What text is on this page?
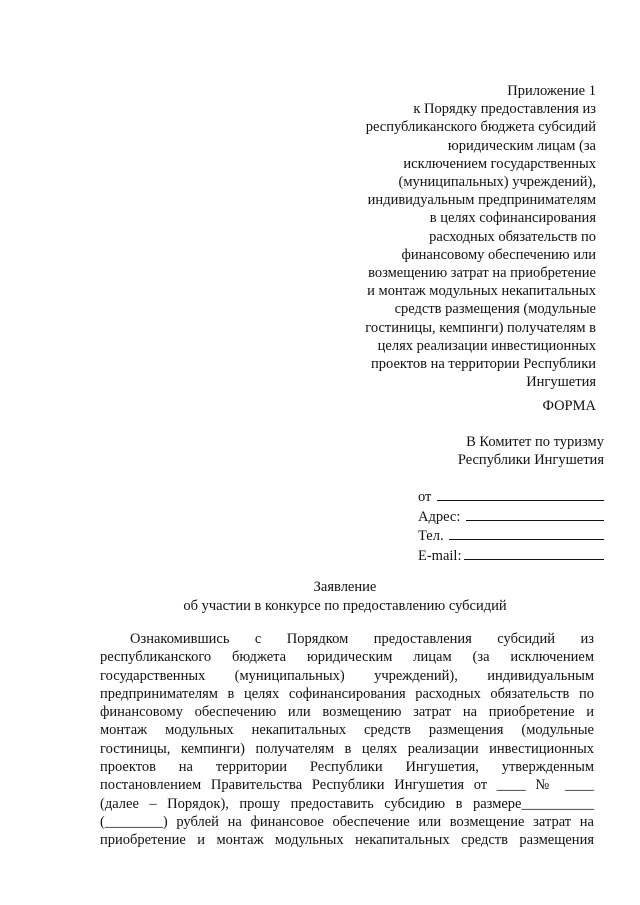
Приложение 1
к Порядку предоставления из
республиканского бюджета субсидий
юридическим лицам (за
исключением государственных
(муниципальных) учреждений),
индивидуальным предпринимателям
в целях софинансирования
расходных обязательств по
финансовому обеспечению или
возмещению затрат на приобретение
и монтаж модульных некапитальных
средств размещения (модульные
гостиницы, кемпинги) получателям в
целях реализации инвестиционных
проектов на территории Республики
Ингушетия
ФОРМА
В Комитет по туризму
Республики Ингушетия
от
Адрес:
Тел.
E-mail:
Заявление
об участии в конкурсе по предоставлению субсидий
Ознакомившись с Порядком предоставления субсидий из
республиканского бюджета юридическим лицам (за исключением
государственных (муниципальных) учреждений), индивидуальным
предпринимателям в целях софинансирования расходных обязательств по
финансовому обеспечению или возмещению затрат на приобретение и
монтаж модульных некапитальных средств размещения (модульные
гостиницы, кемпинги) получателям в целях реализации инвестиционных
проектов на территории Республики Ингушетия, утвержденным
постановлением Правительства Республики Ингушетия от ____ № ____
(далее – Порядок), прошу предоставить субсидию в размере__________
(________) рублей на финансовое обеспечение или возмещение затрат на
приобретение и монтаж модульных некапитальных средств размещения
